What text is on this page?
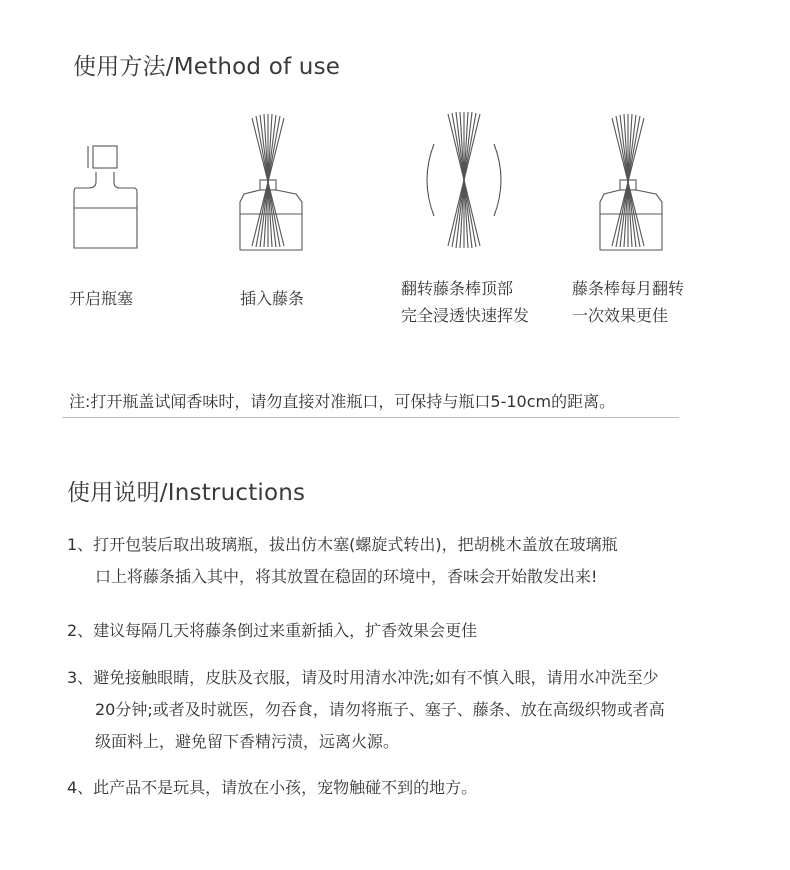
使用方法/Method of use
开启瓶塞	插入藤条
翻转藤条棒顶部
完全浸透快速挥发
藤条棒每月翻转
一次效果更佳
注:打开瓶盖试闻香味时，请勿直接对准瓶口，可保持与瓶口5-10cm的距离。
使用说明/Instructions
1、打开包装后取出玻璃瓶，拔出仿木塞(螺旋式转出)，把胡桃木盖放在玻璃瓶
口上将藤条插入其中，将其放置在稳固的环境中，香味会开始散发出来!
2、建议每隔几天将藤条倒过来重新插入，扩香效果会更佳
3、避免接触眼睛，皮肤及衣服，请及时用清水冲洗;如有不慎入眼，请用水冲洗至少
20分钟;或者及时就医，勿吞食，请勿将瓶子、塞子、藤条、放在高级织物或者高
级面料上，避免留下香精污渍，远离火源。
4、此产品不是玩具，请放在小孩，宠物触碰不到的地方。
